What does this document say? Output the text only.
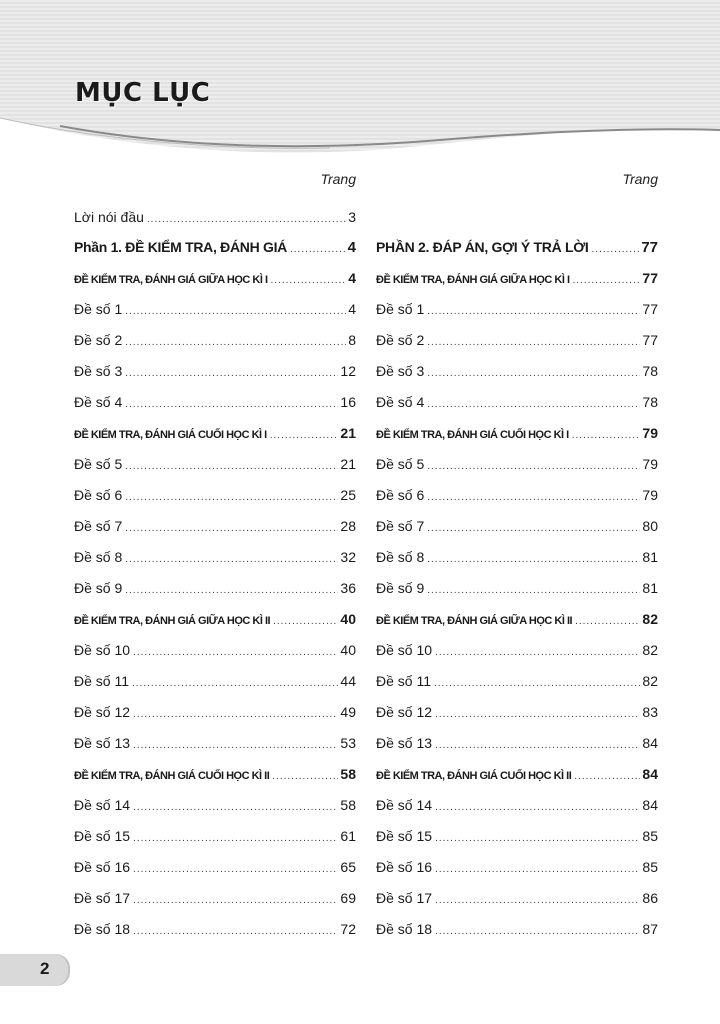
MỤC LỤC
Trang
Lời nói đầu .....	3
Phần 1. ĐỀ KIỂM TRA, ĐÁNH GIÁ .....	4
ĐỀ KIỂM TRA, ĐÁNH GIÁ GIỮA HỌC KÌ I .....	4
Đề số 1 .....	4
Đề số 2 .....	8
Đề số 3 .....	12
Đề số 4 .....	16
ĐỀ KIỂM TRA, ĐÁNH GIÁ CUỐI HỌC KÌ I .....	21
Đề số 5 .....	21
Đề số 6 .....	25
Đề số 7 .....	28
Đề số 8 .....	32
Đề số 9 .....	36
ĐỀ KIỂM TRA, ĐÁNH GIÁ GIỮA HỌC KÌ II .....	40
Đề số 10 .....	40
Đề số 11 .....	44
Đề số 12 .....	49
Đề số 13 .....	53
ĐỀ KIỂM TRA, ĐÁNH GIÁ CUỐI HỌC KÌ II .....	58
Đề số 14 .....	58
Đề số 15 .....	61
Đề số 16 .....	65
Đề số 17 .....	69
Đề số 18 .....	72
Trang
PHẦN 2. ĐÁP ÁN, GỢI Ý TRẢ LỜI .....	77
ĐỀ KIỂM TRA, ĐÁNH GIÁ GIỮA HỌC KÌ I .....	77
Đề số 1 .....	77
Đề số 2 .....	77
Đề số 3 .....	78
Đề số 4 .....	78
ĐỀ KIỂM TRA, ĐÁNH GIÁ CUỐI HỌC KÌ I .....	79
Đề số 5 .....	79
Đề số 6 .....	79
Đề số 7 .....	80
Đề số 8 .....	81
Đề số 9 .....	81
ĐỀ KIỂM TRA, ĐÁNH GIÁ GIỮA HỌC KÌ II .....	82
Đề số 10 .....	82
Đề số 11 .....	82
Đề số 12 .....	83
Đề số 13 .....	84
ĐỀ KIỂM TRA, ĐÁNH GIÁ CUỐI HỌC KÌ II .....	84
Đề số 14 .....	84
Đề số 15 .....	85
Đề số 16 .....	85
Đề số 17 .....	86
Đề số 18 .....	87
2
